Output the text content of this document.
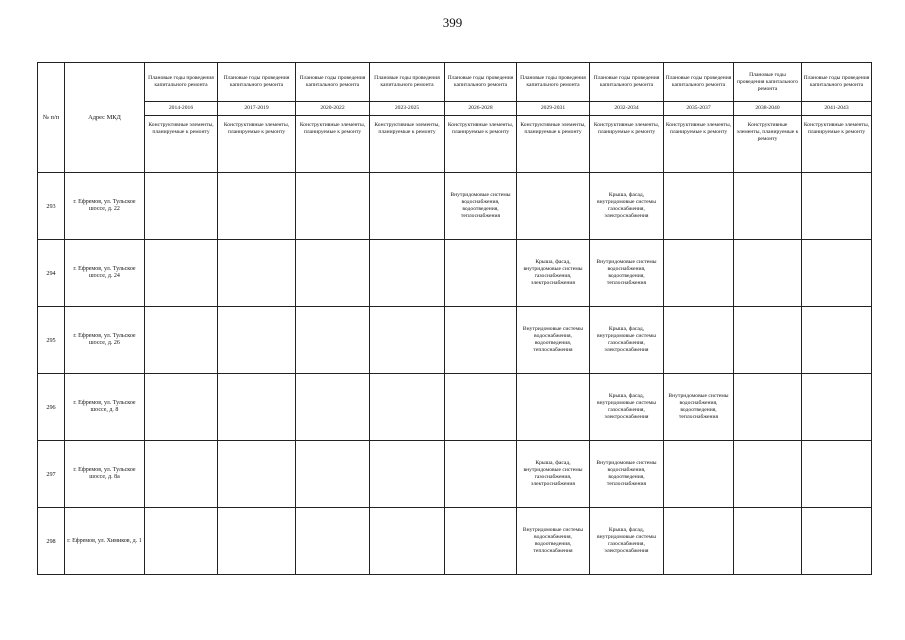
399
№ п/п	Адрес МКД	Плановые годы проведения капитального ремонта	Плановые годы проведения капитального ремонта	Плановые годы проведения капитального ремонта	Плановые годы проведения капитального ремонта	Плановые годы проведения капитального ремонта	Плановые годы проведения капитального ремонта	Плановые годы проведения капитального ремонта	Плановые годы проведения капитального ремонта	Плановые годы проведения капитального ремонта	Плановые годы проведения капитального ремонта
		2014-2016	2017-2019	2020-2022	2023-2025	2026-2028	2029-2031	2032-2034	2035-2037	2038-2040	2041-2043
		Конструктивные элементы, планируемые к ремонту	Конструктивные элементы, планируемые к ремонту	Конструктивные элементы, планируемые к ремонту	Конструктивные элементы, планируемые к ремонту	Конструктивные элементы, планируемые к ремонту	Конструктивные элементы, планируемые к ремонту	Конструктивные элементы, планируемые к ремонту	Конструктивные элементы, планируемые к ремонту	Конструктивные элементы, планируемые к ремонту	Конструктивные элементы, планируемые к ремонту
293	г. Ефремов, ул. Тульское шоссе, д. 22					Внутридомовые системы водоснабжения, водоотведения, теплоснабжения		Крыша, фасад, внутридомовые системы газоснабжения, электроснабжения			
294	г. Ефремов, ул. Тульское шоссе, д. 24						Крыша, фасад, внутридомовые системы газоснабжения, электроснабжения	Внутридомовые системы водоснабжения, водоотведения, теплоснабжения			
295	г. Ефремов, ул. Тульское шоссе, д. 26						Внутридомовые системы водоснабжения, водоотведения, теплоснабжения	Крыша, фасад, внутридомовые системы газоснабжения, электроснабжения			
296	г. Ефремов, ул. Тульское шоссе, д. 8							Крыша, фасад, внутридомовые системы газоснабжения, электроснабжения	Внутридомовые системы водоснабжения, водоотведения, теплоснабжения		
297	г. Ефремов, ул. Тульское шоссе, д. 8а						Крыша, фасад, внутридомовые системы газоснабжения, электроснабжения	Внутридомовые системы водоснабжения, водоотведения, теплоснабжения			
298	г. Ефремов, ул. Химиков, д. 1						Внутридомовые системы водоснабжения, водоотведения, теплоснабжения	Крыша, фасад, внутридомовые системы газоснабжения, электроснабжения			
